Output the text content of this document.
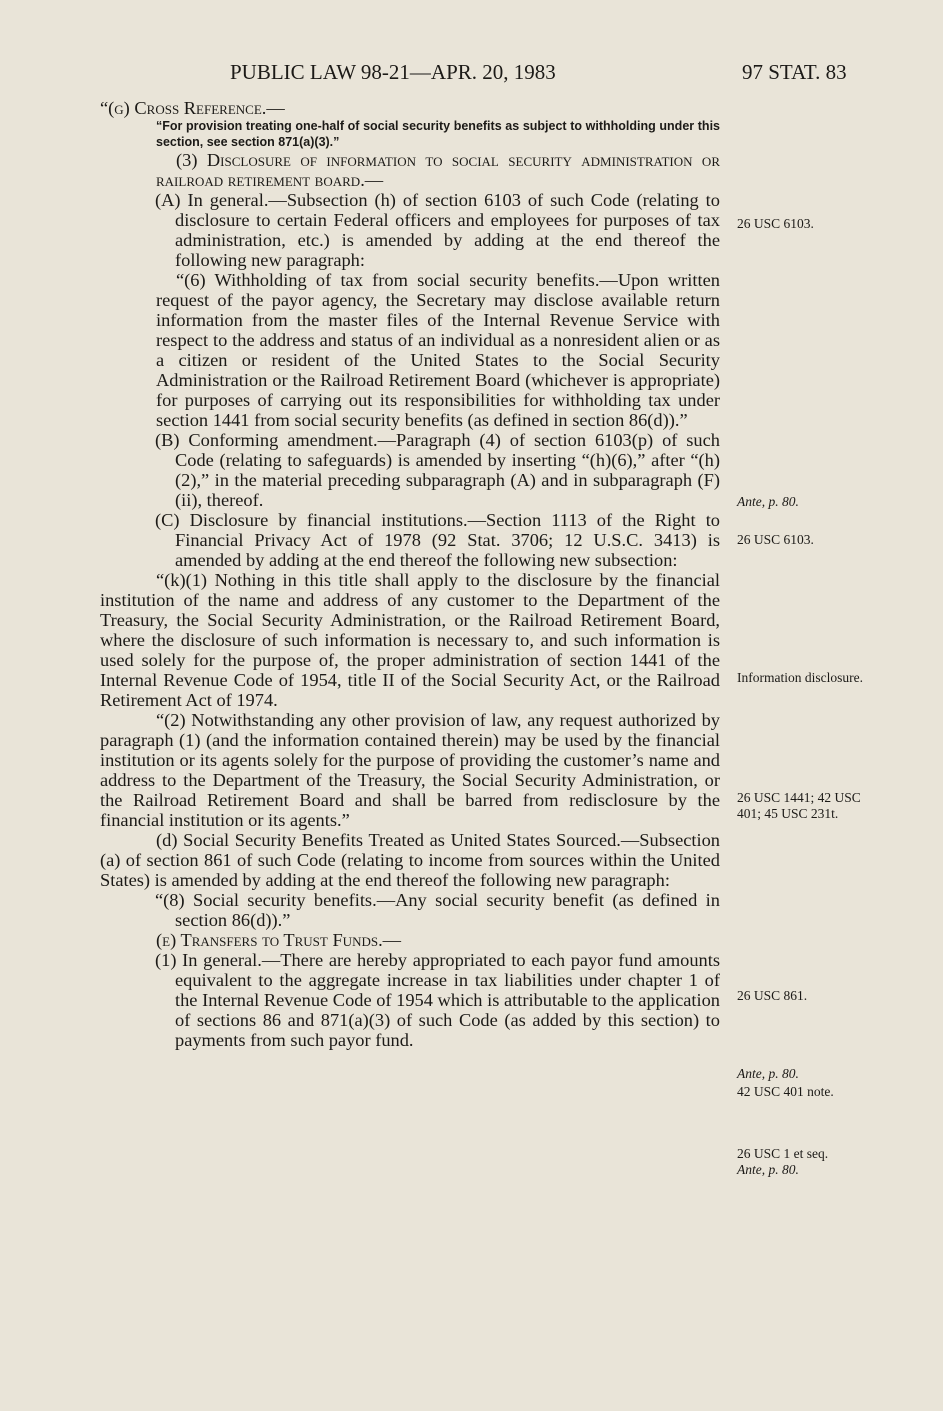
PUBLIC LAW 98-21—APR. 20, 1983	97 STAT. 83

“(g) Cross Reference.—

“For provision treating one-half of social security benefits as subject to withholding under this section, see section 871(a)(3).”

(3) Disclosure of information to social security administration or railroad retirement board.—

(A) In general.—Subsection (h) of section 6103 of such Code (relating to disclosure to certain Federal officers and employees for purposes of tax administration, etc.) is amended by adding at the end thereof the following new paragraph:

“(6) Withholding of tax from social security benefits.—Upon written request of the payor agency, the Secretary may disclose available return information from the master files of the Internal Revenue Service with respect to the address and status of an individual as a nonresident alien or as a citizen or resident of the United States to the Social Security Administration or the Railroad Retirement Board (whichever is appropriate) for purposes of carrying out its responsibilities for withholding tax under section 1441 from social security benefits (as defined in section 86(d)).”

(B) Conforming amendment.—Paragraph (4) of section 6103(p) of such Code (relating to safeguards) is amended by inserting “(h)(6),” after “(h)(2),” in the material preceding subparagraph (A) and in subparagraph (F)(ii), thereof.

(C) Disclosure by financial institutions.—Section 1113 of the Right to Financial Privacy Act of 1978 (92 Stat. 3706; 12 U.S.C. 3413) is amended by adding at the end thereof the following new subsection:

“(k)(1) Nothing in this title shall apply to the disclosure by the financial institution of the name and address of any customer to the Department of the Treasury, the Social Security Administration, or the Railroad Retirement Board, where the disclosure of such information is necessary to, and such information is used solely for the purpose of, the proper administration of section 1441 of the Internal Revenue Code of 1954, title II of the Social Security Act, or the Railroad Retirement Act of 1974.

“(2) Notwithstanding any other provision of law, any request authorized by paragraph (1) (and the information contained therein) may be used by the financial institution or its agents solely for the purpose of providing the customer’s name and address to the Department of the Treasury, the Social Security Administration, or the Railroad Retirement Board and shall be barred from redisclosure by the financial institution or its agents.”

(d) Social Security Benefits Treated as United States Sourced.—Subsection (a) of section 861 of such Code (relating to income from sources within the United States) is amended by adding at the end thereof the following new paragraph:

“(8) Social security benefits.—Any social security benefit (as defined in section 86(d)).”

(e) Transfers to Trust Funds.—

(1) In general.—There are hereby appropriated to each payor fund amounts equivalent to the aggregate increase in tax liabilities under chapter 1 of the Internal Revenue Code of 1954 which is attributable to the application of sections 86 and 871(a)(3) of such Code (as added by this section) to payments from such payor fund.

26 USC 6103.
Ante, p. 80.
26 USC 6103.
Information disclosure.
26 USC 1441; 42 USC 401; 45 USC 231t.
26 USC 861.
Ante, p. 80.
42 USC 401 note.
26 USC 1 et seq.
Ante, p. 80.
